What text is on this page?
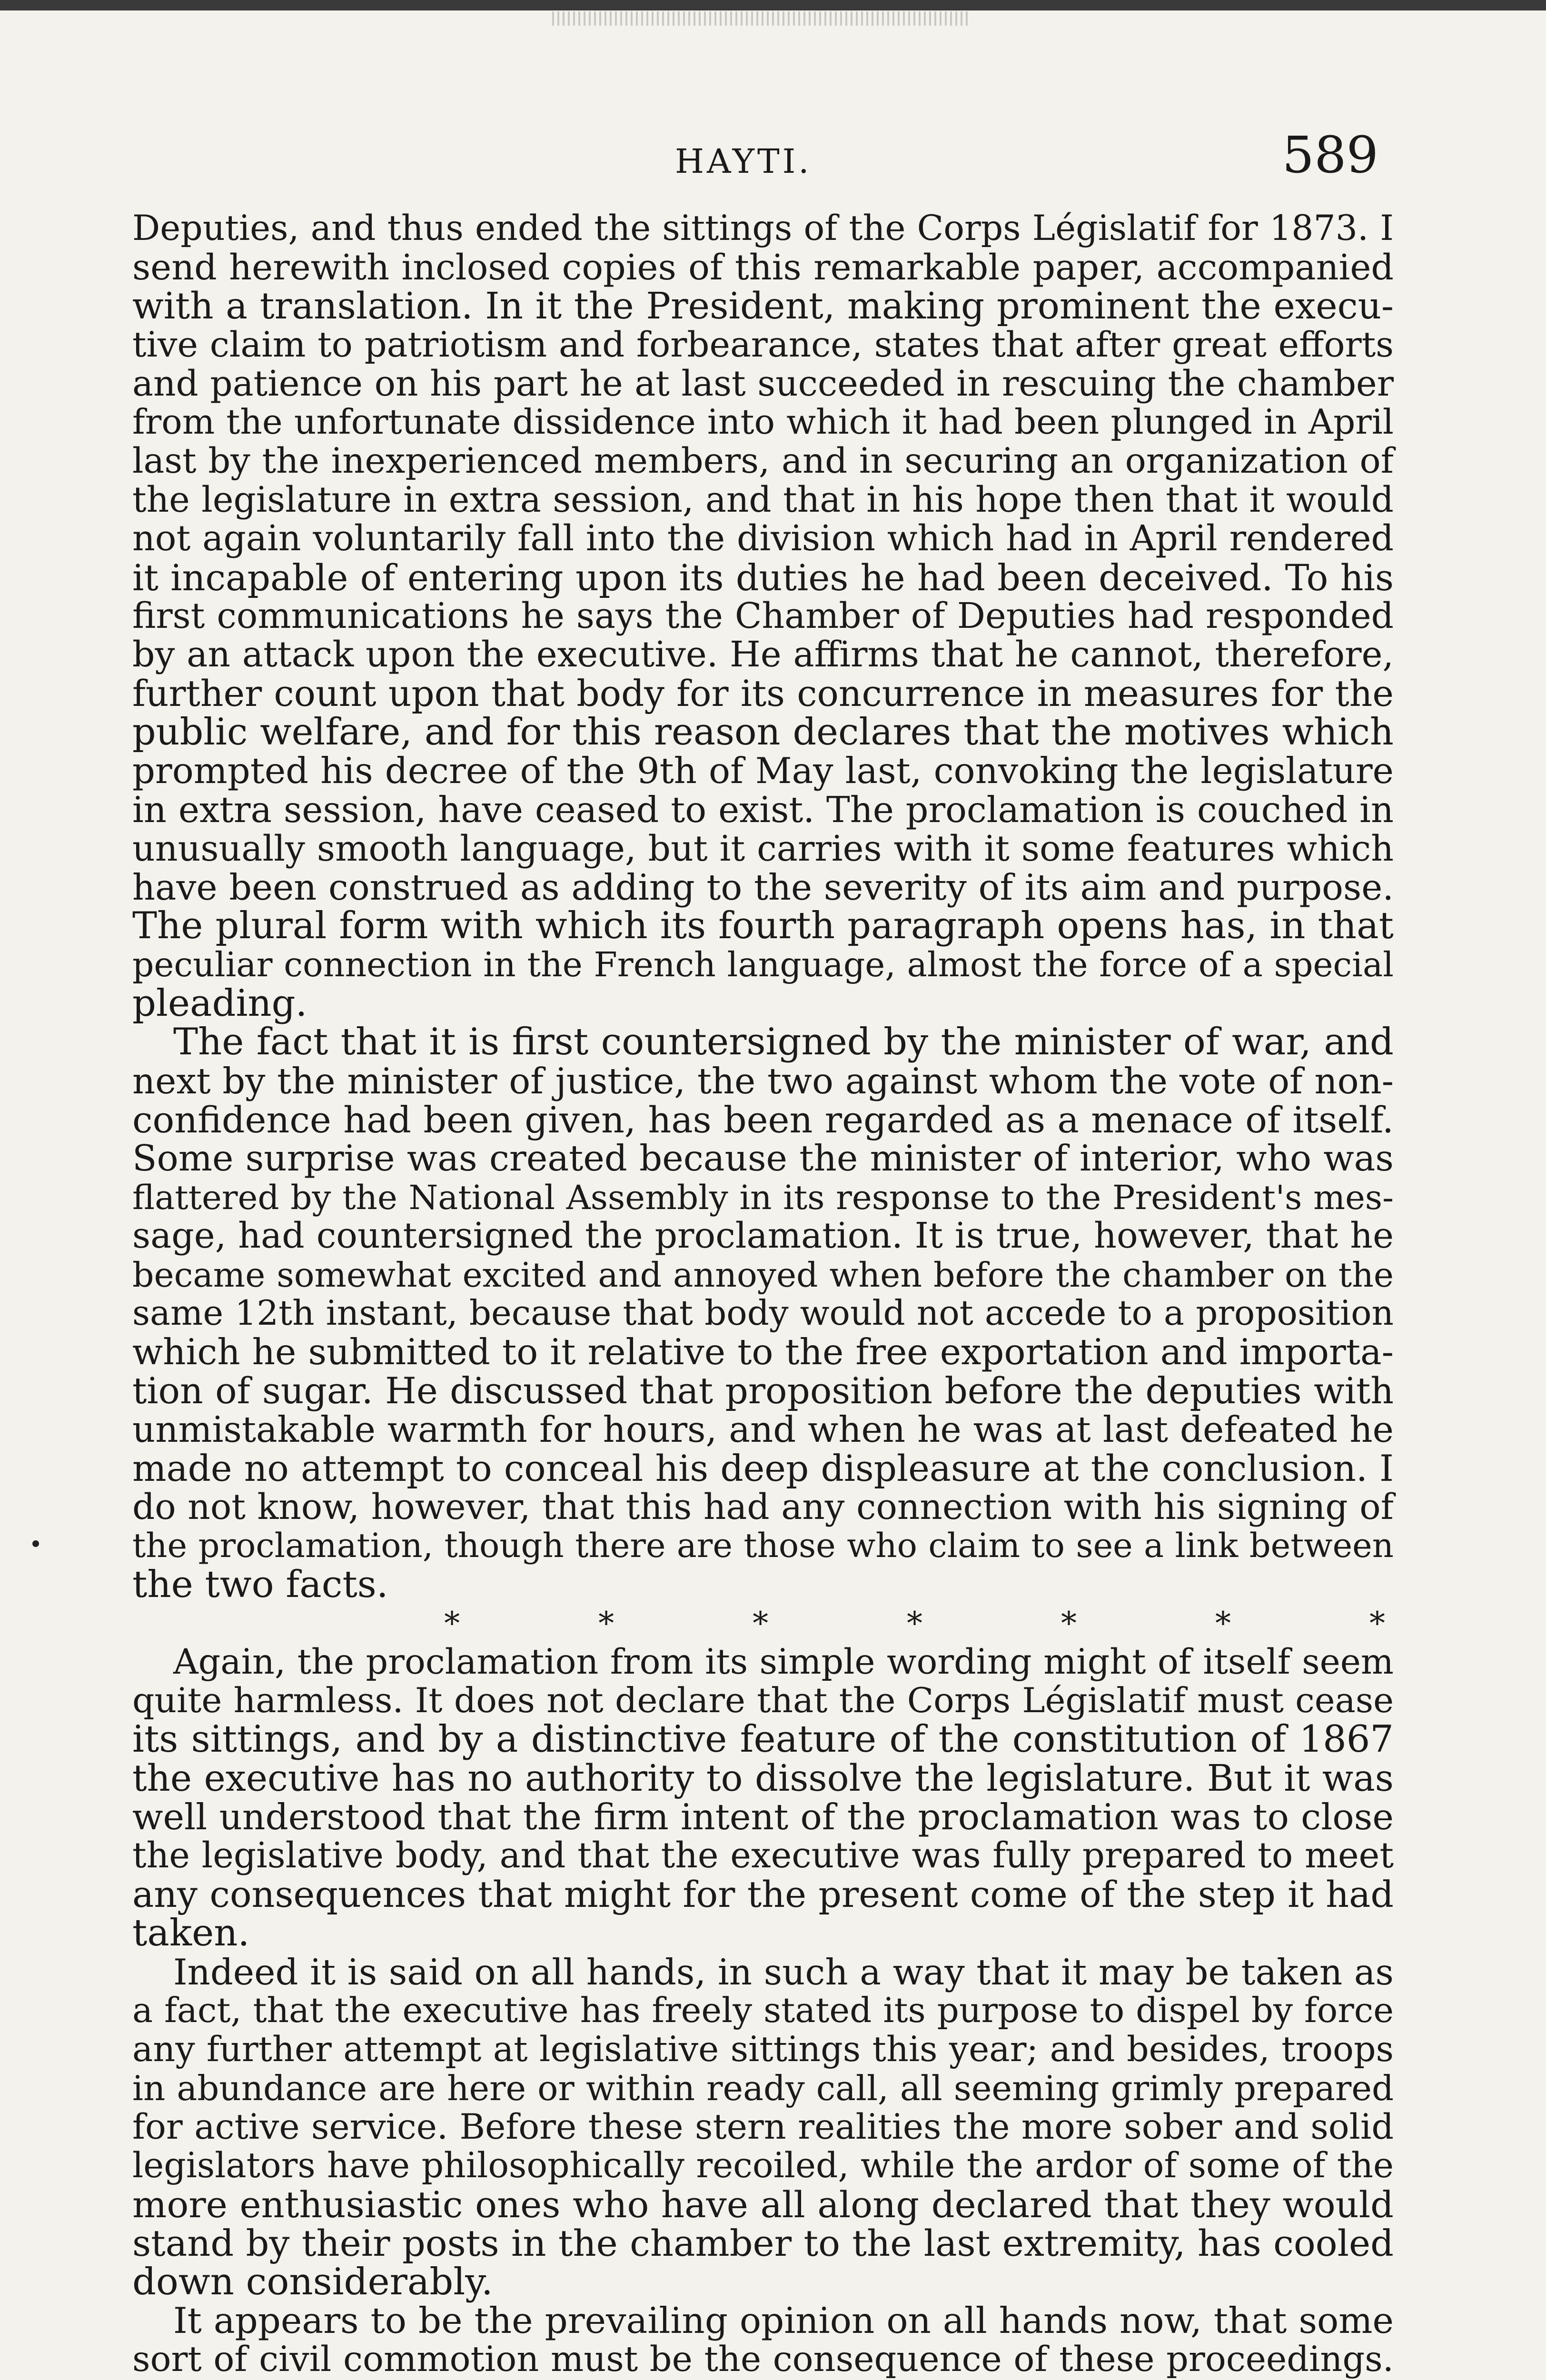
HAYTI.	589
Deputies, and thus ended the sittings of the Corps Législatif for 1873. I
send herewith inclosed copies of this remarkable paper, accompanied
with a translation. In it the President, making prominent the execu-
tive claim to patriotism and forbearance, states that after great efforts
and patience on his part he at last succeeded in rescuing the chamber
from the unfortunate dissidence into which it had been plunged in April
last by the inexperienced members, and in securing an organization of
the legislature in extra session, and that in his hope then that it would
not again voluntarily fall into the division which had in April rendered
it incapable of entering upon its duties he had been deceived. To his
first communications he says the Chamber of Deputies had responded
by an attack upon the executive. He affirms that he cannot, therefore,
further count upon that body for its concurrence in measures for the
public welfare, and for this reason declares that the motives which
prompted his decree of the 9th of May last, convoking the legislature
in extra session, have ceased to exist. The proclamation is couched in
unusually smooth language, but it carries with it some features which
have been construed as adding to the severity of its aim and purpose.
The plural form with which its fourth paragraph opens has, in that
peculiar connection in the French language, almost the force of a special
pleading.
The fact that it is first countersigned by the minister of war, and
next by the minister of justice, the two against whom the vote of non-
confidence had been given, has been regarded as a menace of itself.
Some surprise was created because the minister of interior, who was
flattered by the National Assembly in its response to the President's mes-
sage, had countersigned the proclamation. It is true, however, that he
became somewhat excited and annoyed when before the chamber on the
same 12th instant, because that body would not accede to a proposition
which he submitted to it relative to the free exportation and importa-
tion of sugar. He discussed that proposition before the deputies with
unmistakable warmth for hours, and when he was at last defeated he
made no attempt to conceal his deep displeasure at the conclusion. I
do not know, however, that this had any connection with his signing of
the proclamation, though there are those who claim to see a link between
the two facts.
* * * * * * *
Again, the proclamation from its simple wording might of itself seem
quite harmless. It does not declare that the Corps Législatif must cease
its sittings, and by a distinctive feature of the constitution of 1867
the executive has no authority to dissolve the legislature. But it was
well understood that the firm intent of the proclamation was to close
the legislative body, and that the executive was fully prepared to meet
any consequences that might for the present come of the step it had
taken.
Indeed it is said on all hands, in such a way that it may be taken as
a fact, that the executive has freely stated its purpose to dispel by force
any further attempt at legislative sittings this year; and besides, troops
in abundance are here or within ready call, all seeming grimly prepared
for active service. Before these stern realities the more sober and solid
legislators have philosophically recoiled, while the ardor of some of the
more enthusiastic ones who have all along declared that they would
stand by their posts in the chamber to the last extremity, has cooled
down considerably.
It appears to be the prevailing opinion on all hands now, that some
sort of civil commotion must be the consequence of these proceedings.
